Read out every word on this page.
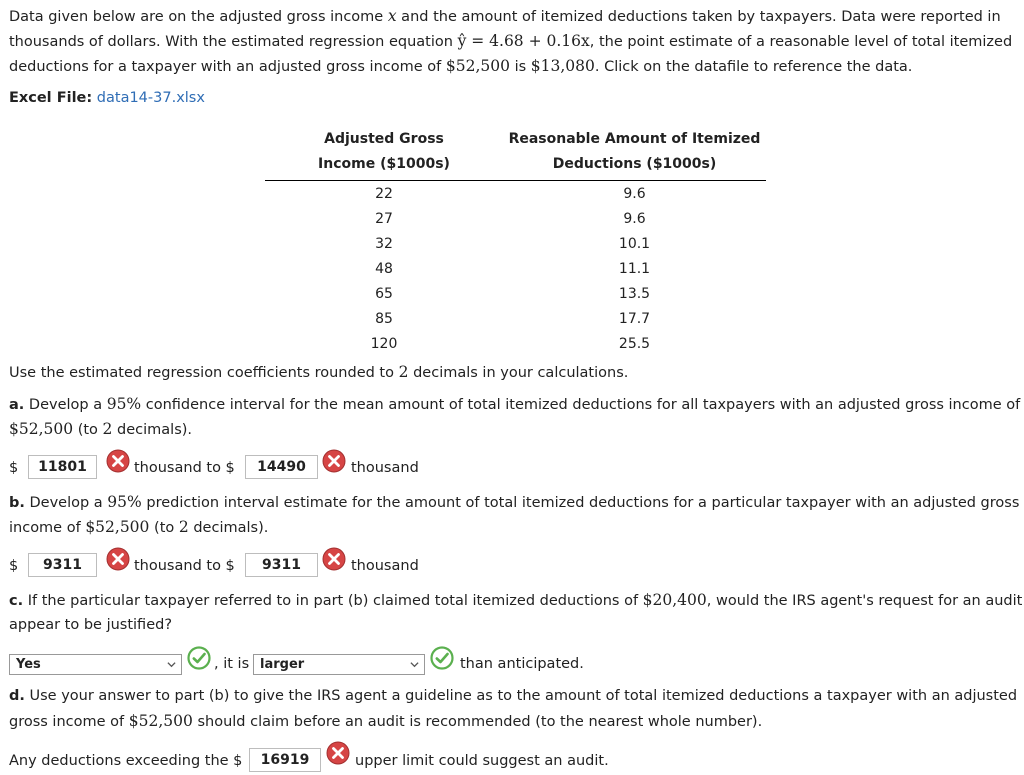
Data given below are on the adjusted gross income x and the amount of itemized deductions taken by taxpayers. Data were reported in
thousands of dollars. With the estimated regression equation ŷ = 4.68 + 0.16x, the point estimate of a reasonable level of total itemized
deductions for a taxpayer with an adjusted gross income of $52,500 is $13,080. Click on the datafile to reference the data.
Excel File: data14-37.xlsx
Adjusted Gross
Income ($1000s)	Reasonable Amount of Itemized
Deductions ($1000s)
22	9.6
27	9.6
32	10.1
48	11.1
65	13.5
85	17.7
120	25.5
Use the estimated regression coefficients rounded to 2 decimals in your calculations.
a. Develop a 95% confidence interval for the mean amount of total itemized deductions for all taxpayers with an adjusted gross income of
$52,500 (to 2 decimals).
$	11801	thousand to $	14490	thousand
b. Develop a 95% prediction interval estimate for the amount of total itemized deductions for a particular taxpayer with an adjusted gross
income of $52,500 (to 2 decimals).
$	9311	thousand to $	9311	thousand
c. If the particular taxpayer referred to in part (b) claimed total itemized deductions of $20,400, would the IRS agent's request for an audit
appear to be justified?
Yes	, it is larger	than anticipated.
d. Use your answer to part (b) to give the IRS agent a guideline as to the amount of total itemized deductions a taxpayer with an adjusted
gross income of $52,500 should claim before an audit is recommended (to the nearest whole number).
Any deductions exceeding the $	16919	upper limit could suggest an audit.
